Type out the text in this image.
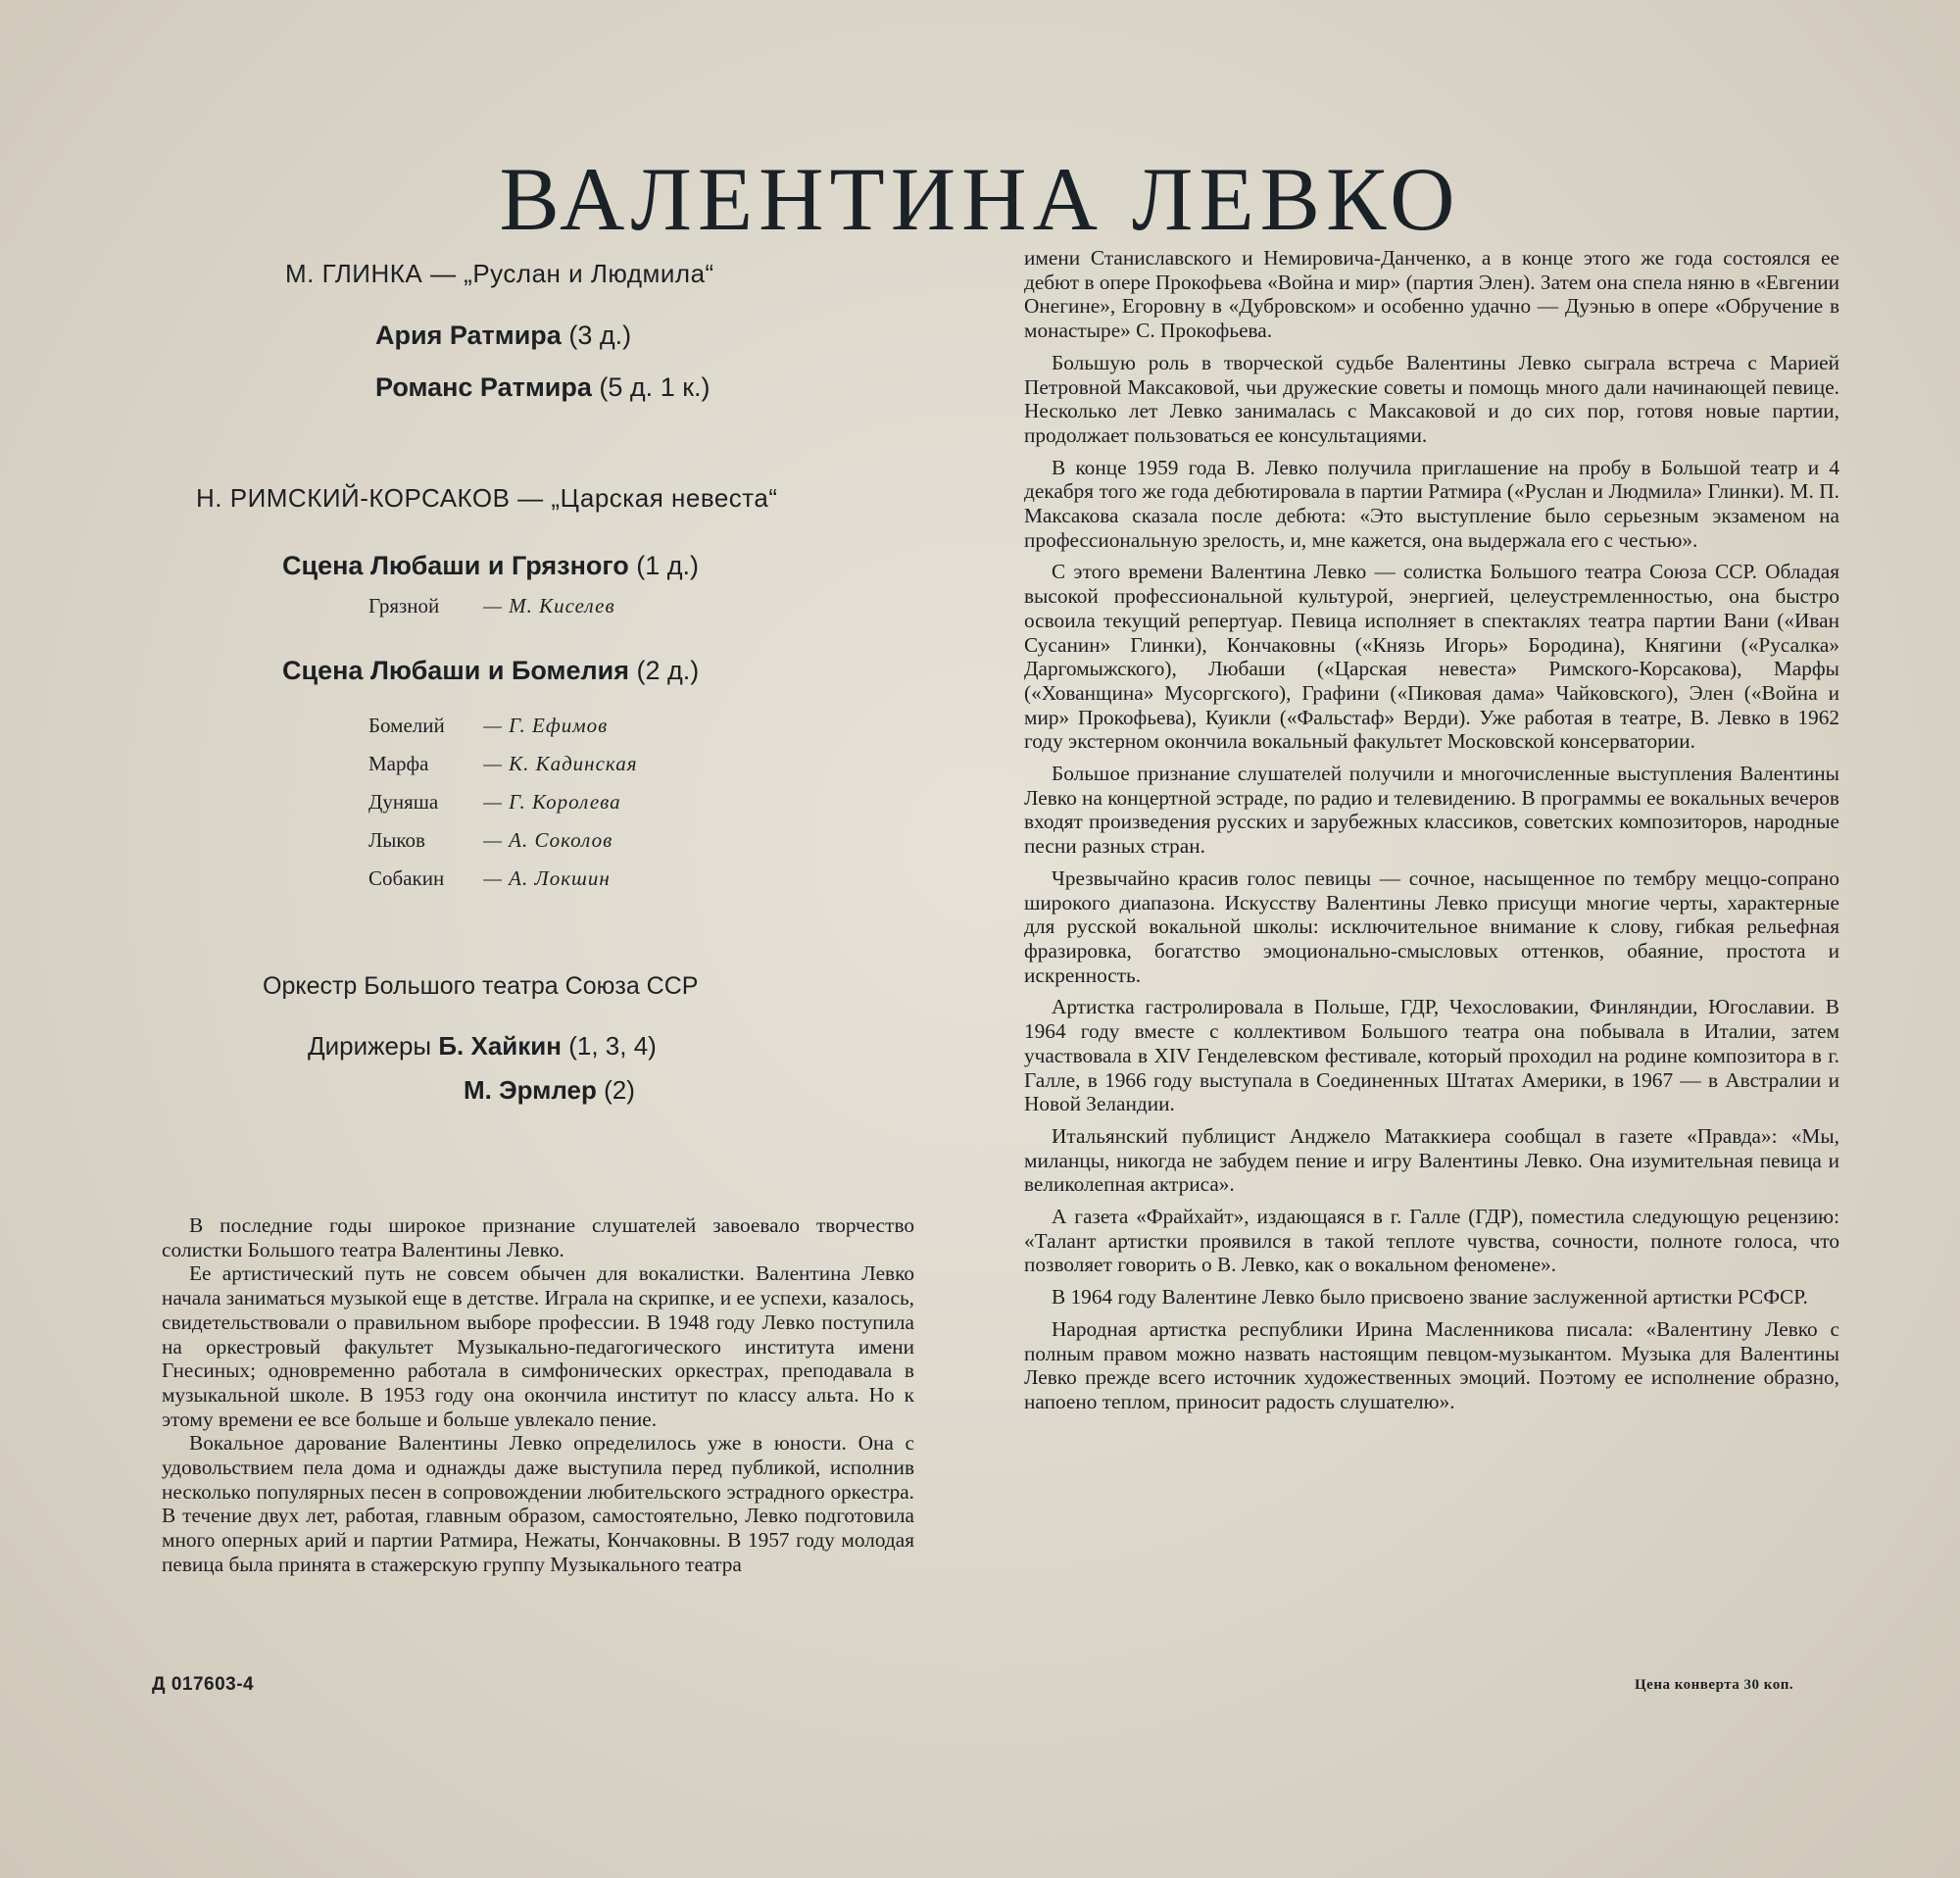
ВАЛЕНТИНА ЛЕВКО
М. ГЛИНКА — „Руслан и Людмила“
Ария Ратмира (3 д.)
Романс Ратмира (5 д. 1 к.)
Н. РИМСКИЙ-КОРСАКОВ — „Царская невеста“
Сцена Любаши и Грязного (1 д.)
Грязной — М. Киселев
Сцена Любаши и Бомелия (2 д.)
Бомелий — Г. Ефимов
Марфа	— К. Кадинская
Дуняша — Г. Королева
Лыков	— А. Соколов
Собакин — А. Локшин
Оркестр Большого театра Союза ССР
Дирижеры Б. Хайкин (1, 3, 4)
М. Эрмлер (2)

В последние годы широкое признание слушателей завоевало творчество солистки Большого театра Валентины Левко.

Ее артистический путь не совсем обычен для вокалистки. Валентина Левко начала заниматься музыкой еще в детстве. Играла на скрипке, и ее успехи, казалось, свидетельствовали о правильном выборе профессии. В 1948 году Левко поступила на оркестровый факультет Музыкально-педагогического института имени Гнесиных; одновременно работала в симфонических оркестрах, преподавала в музыкальной школе. В 1953 году она окончила институт по классу альта. Но к этому времени ее все больше и больше увлекало пение.

Вокальное дарование Валентины Левко определилось уже в юности. Она с удовольствием пела дома и однажды даже выступила перед публикой, исполнив несколько популярных песен в сопровождении любительского эстрадного оркестра. В течение двух лет, работая, главным образом, самостоятельно, Левко подготовила много оперных арий и партии Ратмира, Нежаты, Кончаковны. В 1957 году молодая певица была принята в стажерскую группу Музыкального театра

имени Станиславского и Немировича-Данченко, а в конце этого же года состоялся ее дебют в опере Прокофьева «Война и мир» (партия Элен). Затем она спела няню в «Евгении Онегине», Егоровну в «Дубровском» и особенно удачно — Дуэнью в опере «Обручение в монастыре» С. Прокофьева.

Большую роль в творческой судьбе Валентины Левко сыграла встреча с Марией Петровной Максаковой, чьи дружеские советы и помощь много дали начинающей певице. Несколько лет Левко занималась с Максаковой и до сих пор, готовя новые партии, продолжает пользоваться ее консультациями.

В конце 1959 года В. Левко получила приглашение на пробу в Большой театр и 4 декабря того же года дебютировала в партии Ратмира («Руслан и Людмила» Глинки). М. П. Максакова сказала после дебюта: «Это выступление было серьезным экзаменом на профессиональную зрелость, и, мне кажется, она выдержала его с честью».

С этого времени Валентина Левко — солистка Большого театра Союза ССР. Обладая высокой профессиональной культурой, энергией, целеустремленностью, она быстро освоила текущий репертуар. Певица исполняет в спектаклях театра партии Вани («Иван Сусанин» Глинки), Кончаковны («Князь Игорь» Бородина), Княгини («Русалка» Даргомыжского), Любаши («Царская невеста» Римского-Корсакова), Марфы («Хованщина» Мусоргского), Графини («Пиковая дама» Чайковского), Элен («Война и мир» Прокофьева), Куикли («Фальстаф» Верди). Уже работая в театре, В. Левко в 1962 году экстерном окончила вокальный факультет Московской консерватории.

Большое признание слушателей получили и многочисленные выступления Валентины Левко на концертной эстраде, по радио и телевидению. В программы ее вокальных вечеров входят произведения русских и зарубежных классиков, советских композиторов, народные песни разных стран.

Чрезвычайно красив голос певицы — сочное, насыщенное по тембру меццо-сопрано широкого диапазона. Искусству Валентины Левко присущи многие черты, характерные для русской вокальной школы: исключительное внимание к слову, гибкая рельефная фразировка, богатство эмоционально-смысловых оттенков, обаяние, простота и искренность.

Артистка гастролировала в Польше, ГДР, Чехословакии, Финляндии, Югославии. В 1964 году вместе с коллективом Большого театра она побывала в Италии, затем участвовала в XIV Генделевском фестивале, который проходил на родине композитора в г. Галле, в 1966 году выступала в Соединенных Штатах Америки, в 1967 — в Австралии и Новой Зеландии.

Итальянский публицист Анджело Матаккиера сообщал в газете «Правда»: «Мы, миланцы, никогда не забудем пение и игру Валентины Левко. Она изумительная певица и великолепная актриса».

А газета «Фрайхайт», издающаяся в г. Галле (ГДР), поместила следующую рецензию: «Талант артистки проявился в такой теплоте чувства, сочности, полноте голоса, что позволяет говорить о В. Левко, как о вокальном феномене».

В 1964 году Валентине Левко было присвоено звание заслуженной артистки РСФСР.

Народная артистка республики Ирина Масленникова писала: «Валентину Левко с полным правом можно назвать настоящим певцом-музыкантом. Музыка для Валентины Левко прежде всего источник художественных эмоций. Поэтому ее исполнение образно, напоено теплом, приносит радость слушателю».

Д 017603-4	Цена конверта 30 коп.
